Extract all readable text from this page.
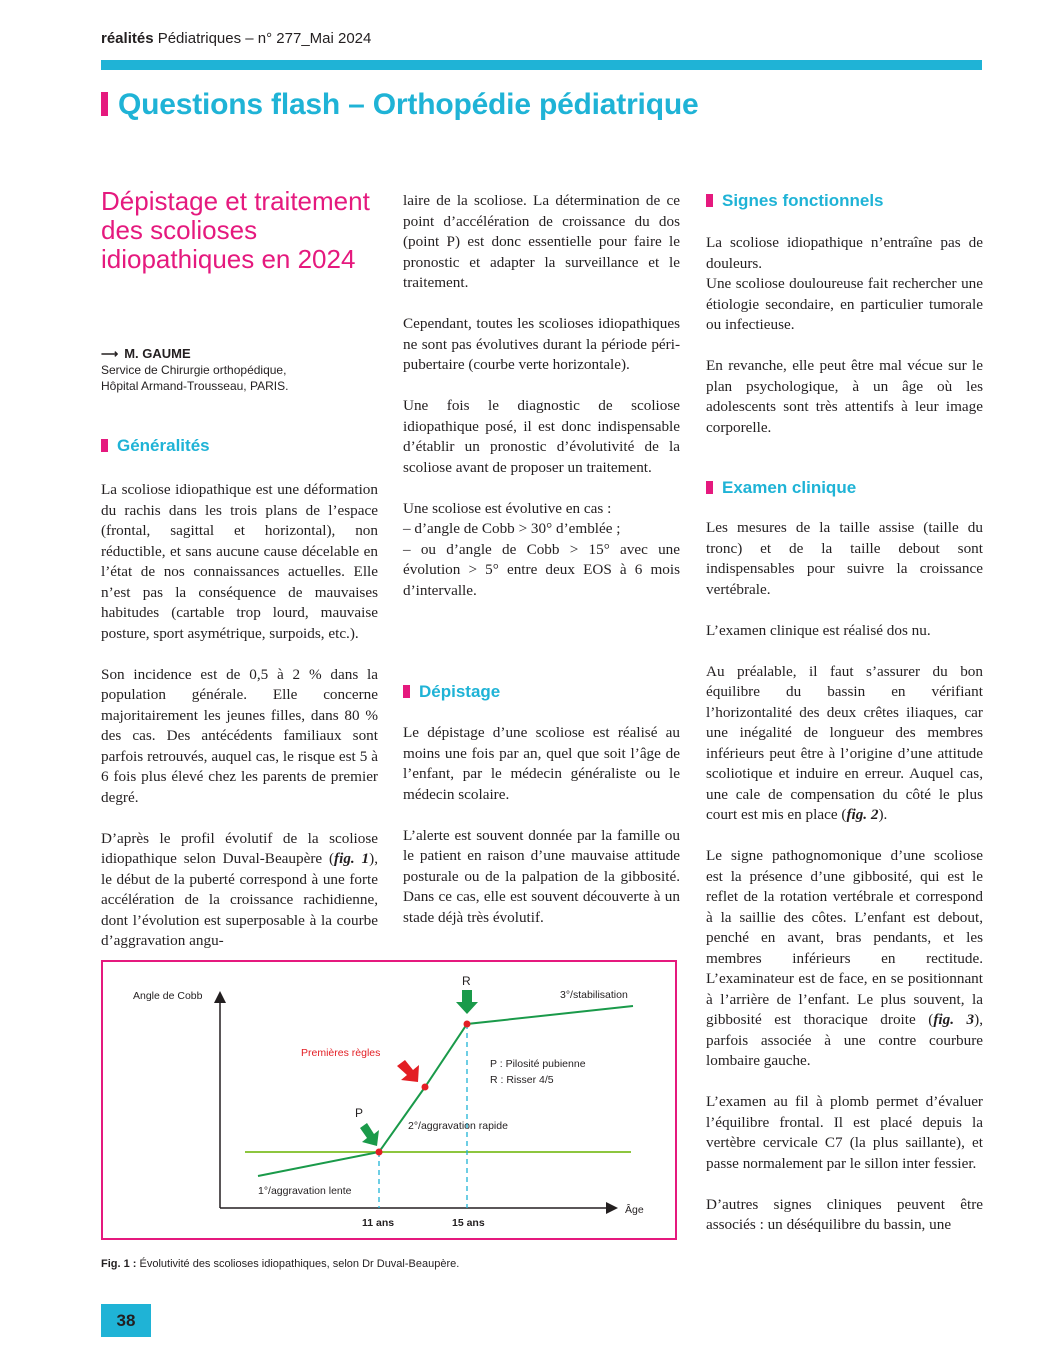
réalités Pédiatriques – n° 277_Mai 2024
Questions flash – Orthopédie pédiatrique
Dépistage et traitement des scolioses idiopathiques en 2024
⟶ M. GAUME
Service de Chirurgie orthopédique,
Hôpital Armand-Trousseau, PARIS.
Généralités

La scoliose idiopathique est une déformation du rachis dans les trois plans de l’espace (frontal, sagittal et horizontal), non réductible, et sans aucune cause décelable en l’état de nos connaissances actuelles. Elle n’est pas la conséquence de mauvaises habitudes (cartable trop lourd, mauvaise posture, sport asymétrique, surpoids, etc.).

Son incidence est de 0,5 à 2 % dans la population générale. Elle concerne majoritairement les jeunes filles, dans 80 % des cas. Des antécédents familiaux sont parfois retrouvés, auquel cas, le risque est 5 à 6 fois plus élevé chez les parents de premier degré.

D’après le profil évolutif de la scoliose idiopathique selon Duval-Beaupère (fig. 1), le début de la puberté correspond à une forte accélération de la croissance rachidienne, dont l’évolution est superposable à la courbe d’aggravation angu-

laire de la scoliose. La détermination de ce point d’accélération de croissance du dos (point P) est donc essentielle pour faire le pronostic et adapter la surveillance et le traitement.

Cependant, toutes les scolioses idiopathiques ne sont pas évolutives durant la période péri-pubertaire (courbe verte horizontale).

Une fois le diagnostic de scoliose idiopathique posé, il est donc indispensable d’établir un pronostic d’évolutivité de la scoliose avant de proposer un traitement.

Une scoliose est évolutive en cas :
– d’angle de Cobb > 30° d’emblée ;
– ou d’angle de Cobb > 15° avec une évolution > 5° entre deux EOS à 6 mois d’intervalle.

Dépistage

Le dépistage d’une scoliose est réalisé au moins une fois par an, quel que soit l’âge de l’enfant, par le médecin généraliste ou le médecin scolaire.

L’alerte est souvent donnée par la famille ou le patient en raison d’une mauvaise attitude posturale ou de la palpation de la gibbosité. Dans ce cas, elle est souvent découverte à un stade déjà très évolutif.

Signes fonctionnels

La scoliose idiopathique n’entraîne pas de douleurs.
Une scoliose douloureuse fait rechercher une étiologie secondaire, en particulier tumorale ou infectieuse.

En revanche, elle peut être mal vécue sur le plan psychologique, à un âge où les adolescents sont très attentifs à leur image corporelle.

Examen clinique

Les mesures de la taille assise (taille du tronc) et de la taille debout sont indispensables pour suivre la croissance vertébrale.

L’examen clinique est réalisé dos nu.

Au préalable, il faut s’assurer du bon équilibre du bassin en vérifiant l’horizontalité des deux crêtes iliaques, car une inégalité de longueur des membres inférieurs peut être à l’origine d’une attitude scoliotique et induire en erreur. Auquel cas, une cale de compensation du côté le plus court est mis en place (fig. 2).

Le signe pathognomonique d’une scoliose est la présence d’une gibbosité, qui est le reflet de la rotation vertébrale et correspond à la saillie des côtes. L’enfant est debout, penché en avant, bras pendants, et les membres inférieurs en rectitude. L’examinateur est de face, en se positionnant à l’arrière de l’enfant. Le plus souvent, la gibbosité est thoracique droite (fig. 3), parfois associée à une contre courbure lombaire gauche.

L’examen au fil à plomb permet d’évaluer l’équilibre frontal. Il est placé depuis la vertèbre cervicale C7 (la plus saillante), et passe normalement par le sillon inter fessier.

D’autres signes cliniques peuvent être associés : un déséquilibre du bassin, une

Angle de Cobb
Âge
11 ans	15 ans
R
P
Premières règles
P : Pilosité pubienne
R : Risser 4/5
1°/aggravation lente
2°/aggravation rapide
3°/stabilisation
Fig. 1 : Évolutivité des scolioses idiopathiques, selon Dr Duval-Beaupère.
38
